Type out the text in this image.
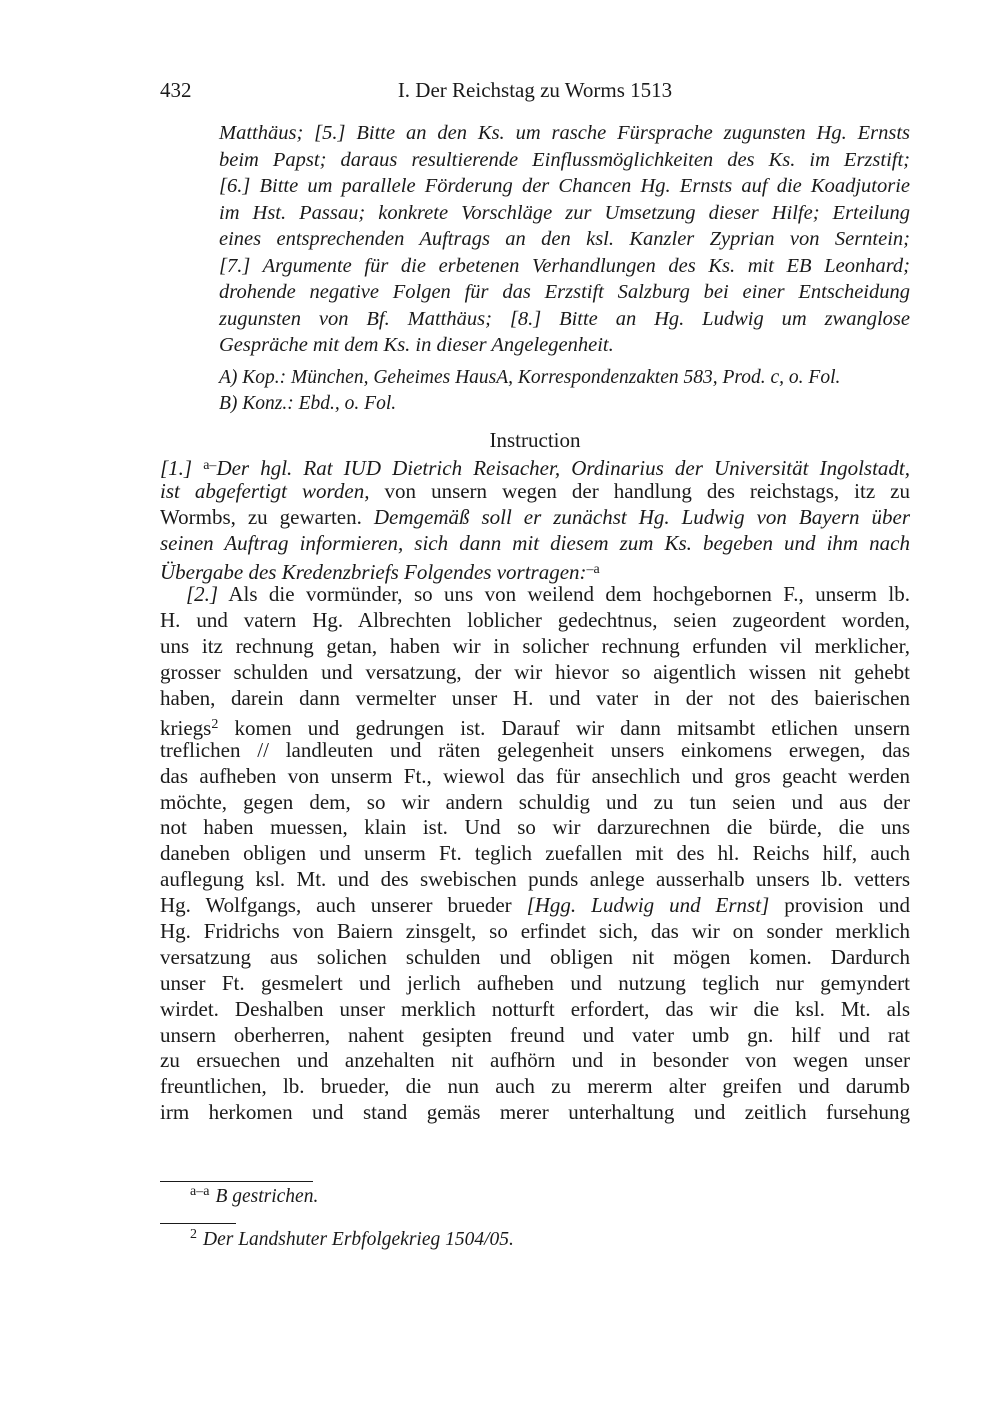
432	I. Der Reichstag zu Worms 1513
Matthäus; [5.] Bitte an den Ks. um rasche Fürsprache zugunsten Hg. Ernsts
beim Papst; daraus resultierende Einflussmöglichkeiten des Ks. im Erzstift;
[6.] Bitte um parallele Förderung der Chancen Hg. Ernsts auf die Koadjutorie
im Hst. Passau; konkrete Vorschläge zur Umsetzung dieser Hilfe; Erteilung
eines entsprechenden Auftrags an den ksl. Kanzler Zyprian von Serntein;
[7.] Argumente für die erbetenen Verhandlungen des Ks. mit EB Leonhard;
drohende negative Folgen für das Erzstift Salzburg bei einer Entscheidung
zugunsten von Bf. Matthäus; [8.] Bitte an Hg. Ludwig um zwanglose
Gespräche mit dem Ks. in dieser Angelegenheit.
A) Kop.: München, Geheimes HausA, Korrespondenzakten 583, Prod. c, o. Fol.
B) Konz.: Ebd., o. Fol.
Instruction
[1.] $^{a-}$Der hgl. Rat IUD Dietrich Reisacher, Ordinarius der Universität Ingolstadt,
ist abgefertigt worden, von unsern wegen der handlung des reichstags, itz zu
Wormbs, zu gewarten. Demgemäß soll er zunächst Hg. Ludwig von Bayern über
seinen Auftrag informieren, sich dann mit diesem zum Ks. begeben und ihm nach
Übergabe des Kredenzbriefs Folgendes vortragen:$^{-a}$
[2.] Als die vormünder, so uns von weilend dem hochgebornen F., unserm lb.
H. und vatern Hg. Albrechten loblicher gedechtnus, seien zugeordent worden,
uns itz rechnung getan, haben wir in solicher rechnung erfunden vil merklicher,
grosser schulden und versatzung, der wir hievor so aigentlich wissen nit gehebt
haben, darein dann vermelter unser H. und vater in der not des baierischen
kriegs$^2$ komen und gedrungen ist. Darauf wir dann mitsambt etlichen unsern
treflichen // landleuten und räten gelegenheit unsers einkomens erwegen, das
das aufheben von unserm Ft., wiewol das für ansechlich und gros geacht werden
möchte, gegen dem, so wir andern schuldig und zu tun seien und aus der
not haben muessen, klain ist. Und so wir darzurechnen die bürde, die uns
daneben obligen und unserm Ft. teglich zuefallen mit des hl. Reichs hilf, auch
auflegung ksl. Mt. und des swebischen punds anlege ausserhalb unsers lb. vetters
Hg. Wolfgangs, auch unserer brueder [Hgg. Ludwig und Ernst] provision und
Hg. Fridrichs von Baiern zinsgelt, so erfindet sich, das wir on sonder merklich
versatzung aus solichen schulden und obligen nit mögen komen. Dardurch
unser Ft. gesmelert und jerlich aufheben und nutzung teglich nur gemyndert
wirdet. Deshalben unser merklich notturft erfordert, das wir die ksl. Mt. als
unsern oberherren, nahent gesipten freund und vater umb gn. hilf und rat
zu ersuechen und anzehalten nit aufhörn und in besonder von wegen unser
freuntlichen, lb. brueder, die nun auch zu mererm alter greifen und darumb
irm herkomen und stand gemäs merer unterhaltung und zeitlich fursehung
$^{a-a}$ B gestrichen.
$^2$ Der Landshuter Erbfolgekrieg 1504/05.
